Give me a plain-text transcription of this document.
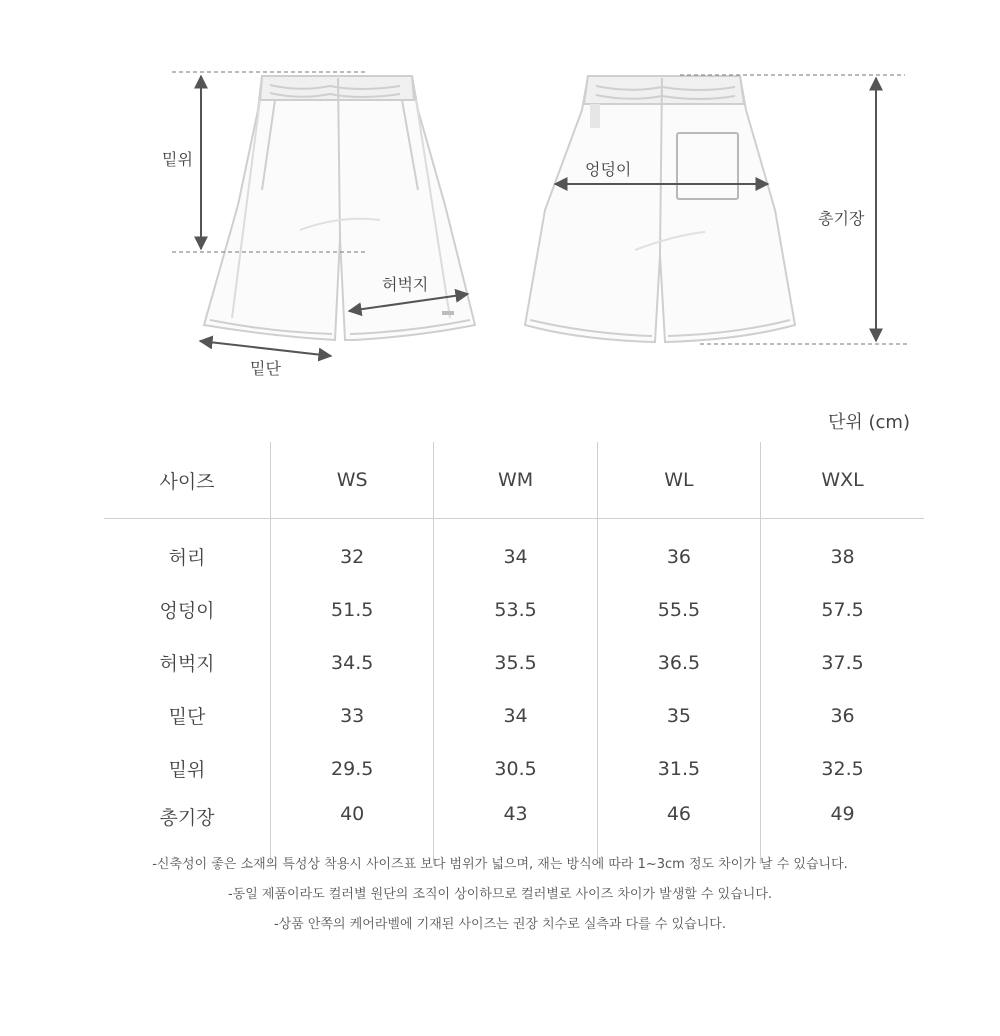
밑위
허벅지
밑단
엉덩이
총기장
단위 (cm)
사이즈	WS	WM	WL	WXL
허리	32	34	36	38
엉덩이	51.5	53.5	55.5	57.5
허벅지	34.5	35.5	36.5	37.5
밑단	33	34	35	36
밑위	29.5	30.5	31.5	32.5
총기장	40	43	46	49
-신축성이 좋은 소재의 특성상 착용시 사이즈표 보다 범위가 넓으며, 재는 방식에 따라 1~3cm 정도 차이가 날 수 있습니다.
-동일 제품이라도 컬러별 원단의 조직이 상이하므로 컬러별로 사이즈 차이가 발생할 수 있습니다.
-상품 안쪽의 케어라벨에 기재된 사이즈는 권장 치수로 실측과 다를 수 있습니다.
